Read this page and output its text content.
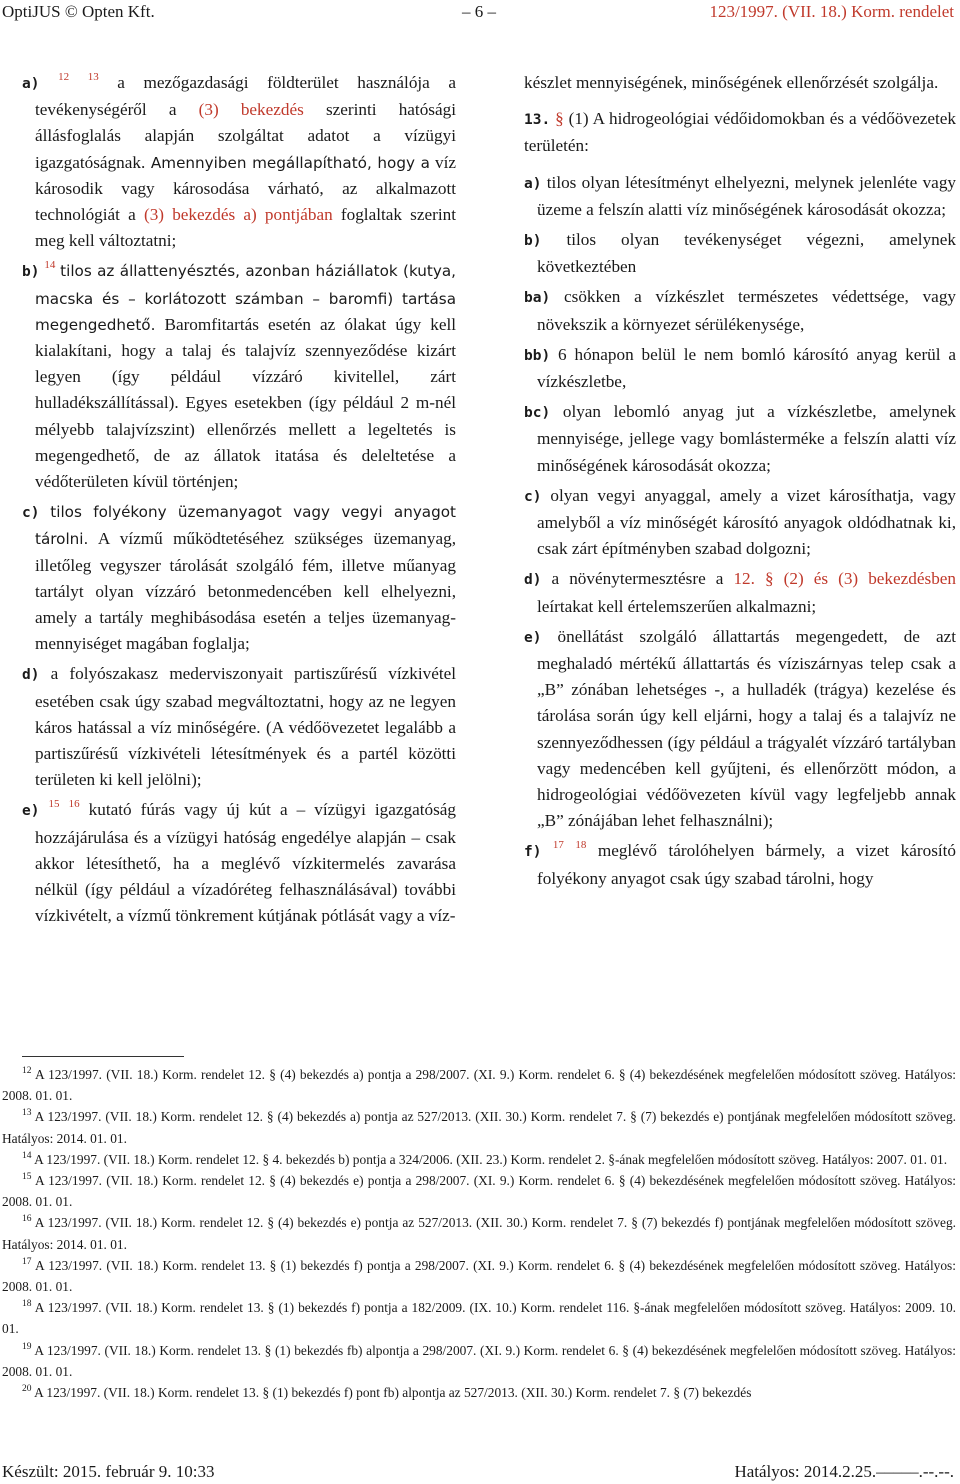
OptiJUS © Opten Kft.	– 6 –	123/1997. (VII. 18.) Korm. rendelet

a) $^{12}$ $^{13}$ a mezőgazdasági földterület használója a tevékenységéről a (3) bekezdés szerinti hatósági állásfoglalás alapján szolgáltat adatot a vízügyi igazgatóságnak. Amennyiben megállapítható, hogy a víz károsodik vagy károsodása várható, az alkalmazott technológiát a (3) bekezdés a) pontjában foglaltak szerint meg kell változtatni;

b) $^{14}$ tilos az állattenyésztés, azonban háziállatok (kutya, macska és – korlátozott számban – baromfi) tartása megengedhető. Baromfitartás esetén az ólakat úgy kell kialakítani, hogy a talaj és talajvíz szennyeződése kizárt legyen (így például vízzáró kivitellel, zárt hulladékszállítással). Egyes esetekben (így például 2 m-nél mélyebb talajvízszint) ellenőrzés mellett a legeltetés is megengedhető, de az állatok itatása és deleltetése a védőterületen kívül történjen;

c) tilos folyékony üzemanyagot vagy vegyi anyagot tárolni. A vízmű működtetéséhez szükséges üzemanyag, illetőleg vegyszer tárolását szolgáló fém, illetve műanyag tartályt olyan vízzáró betonmedencében kell elhelyezni, amely a tartály meghibásodása esetén a teljes üzemanyag-mennyiséget magában foglalja;

d) a folyószakasz mederviszonyait partiszűrésű vízkivétel esetében csak úgy szabad megváltoztatni, hogy az ne legyen káros hatással a víz minőségére. (A védőövezetet legalább a partiszűrésű vízkivételi létesítmények és a partél közötti területen ki kell jelölni);

e) $^{15}$ $^{16}$ kutató fúrás vagy új kút a – vízügyi igazgatóság hozzájárulása és a vízügyi hatóság engedélye alapján – csak akkor létesíthető, ha a meglévő vízkitermelés zavarása nélkül (így például a vízadóréteg felhasználásával) további vízkivételt, a vízmű tönkrement kútjának pótlását vagy a víz-

készlet mennyiségének, minőségének ellenőrzését szolgálja.

13. § (1) A hidrogeológiai védőidomokban és a védőövezetek területén:

a) tilos olyan létesítményt elhelyezni, melynek jelenléte vagy üzeme a felszín alatti víz minőségének károsodását okozza;

b) tilos olyan tevékenységet végezni, amelynek következtében

ba) csökken a vízkészlet természetes védettsége, vagy növekszik a környezet sérülékenysége,

bb) 6 hónapon belül le nem bomló károsító anyag kerül a vízkészletbe,

bc) olyan lebomló anyag jut a vízkészletbe, amelynek mennyisége, jellege vagy bomlásterméke a felszín alatti víz minőségének károsodását okozza;

c) olyan vegyi anyaggal, amely a vizet károsíthatja, vagy amelyből a víz minőségét károsító anyagok oldódhatnak ki, csak zárt építményben szabad dolgozni;

d) a növénytermesztésre a 12. § (2) és (3) bekezdésben leírtakat kell értelemszerűen alkalmazni;

e) önellátást szolgáló állattartás megengedett, de azt meghaladó mértékű állattartás és víziszárnyas telep csak a „B” zónában lehetséges -, a hulladék (trágya) kezelése és tárolása során úgy kell eljárni, hogy a talaj és a talajvíz ne szennyeződhessen (így például a trágyalét vízzáró tartályban vagy medencében kell gyűjteni, és ellenőrzött módon, a hidrogeológiai védőövezeten kívül vagy legfeljebb annak „B” zónájában lehet felhasználni);

f) $^{17}$ $^{18}$ meglévő tárolóhelyen bármely, a vizet károsító folyékony anyagot csak úgy szabad tárolni, hogy

$^{12}$ A 123/1997. (VII. 18.) Korm. rendelet 12. § (4) bekezdés a) pontja a 298/2007. (XI. 9.) Korm. rendelet 6. § (4) bekezdésének megfelelően módosított szöveg. Hatályos: 2008. 01. 01.

$^{13}$ A 123/1997. (VII. 18.) Korm. rendelet 12. § (4) bekezdés a) pontja az 527/2013. (XII. 30.) Korm. rendelet 7. § (7) bekezdés e) pontjának megfelelően módosított szöveg. Hatályos: 2014. 01. 01.

$^{14}$ A 123/1997. (VII. 18.) Korm. rendelet 12. § 4. bekezdés b) pontja a 324/2006. (XII. 23.) Korm. rendelet 2. §-ának megfelelően módosított szöveg. Hatályos: 2007. 01. 01.

$^{15}$ A 123/1997. (VII. 18.) Korm. rendelet 12. § (4) bekezdés e) pontja a 298/2007. (XI. 9.) Korm. rendelet 6. § (4) bekezdésének megfelelően módosított szöveg. Hatályos: 2008. 01. 01.

$^{16}$ A 123/1997. (VII. 18.) Korm. rendelet 12. § (4) bekezdés e) pontja az 527/2013. (XII. 30.) Korm. rendelet 7. § (7) bekezdés f) pontjának megfelelően módosított szöveg. Hatályos: 2014. 01. 01.

$^{17}$ A 123/1997. (VII. 18.) Korm. rendelet 13. § (1) bekezdés f) pontja a 298/2007. (XI. 9.) Korm. rendelet 6. § (4) bekezdésének megfelelően módosított szöveg. Hatályos: 2008. 01. 01.

$^{18}$ A 123/1997. (VII. 18.) Korm. rendelet 13. § (1) bekezdés f) pontja a 182/2009. (IX. 10.) Korm. rendelet 116. §-ának megfelelően módosított szöveg. Hatályos: 2009. 10. 01.

$^{19}$ A 123/1997. (VII. 18.) Korm. rendelet 13. § (1) bekezdés fb) alpontja a 298/2007. (XI. 9.) Korm. rendelet 6. § (4) bekezdésének megfelelően módosított szöveg. Hatályos: 2008. 01. 01.

$^{20}$ A 123/1997. (VII. 18.) Korm. rendelet 13. § (1) bekezdés f) pont fb) alpontja az 527/2013. (XII. 30.) Korm. rendelet 7. § (7) bekezdés

Készült: 2015. február 9. 10:33	Hatályos: 2014.2.25.–––––.--.--.
